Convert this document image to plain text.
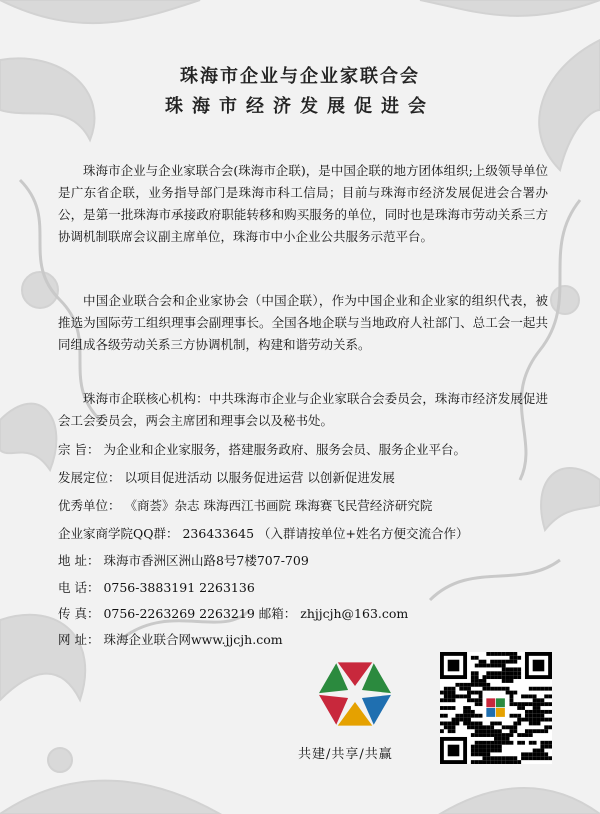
珠海市企业与企业家联合会
珠海市经济发展促进会
珠海市企业与企业家联合会(珠海市企联)，是中国企联的地方团体组织;上级领导单位是广东省企联，业务指导部门是珠海市科工信局；目前与珠海市经济发展促进会合署办公，是第一批珠海市承接政府职能转移和购买服务的单位，同时也是珠海市劳动关系三方协调机制联席会议副主席单位，珠海市中小企业公共服务示范平台。
中国企业联合会和企业家协会（中国企联），作为中国企业和企业家的组织代表，被推选为国际劳工组织理事会副理事长。全国各地企联与当地政府人社部门、总工会一起共同组成各级劳动关系三方协调机制，构建和谐劳动关系。
珠海市企联核心机构：中共珠海市企业与企业家联合会委员会，珠海市经济发展促进会工会委员会，两会主席团和理事会以及秘书处。
宗 旨： 为企业和企业家服务，搭建服务政府、服务会员、服务企业平台。
发展定位： 以项目促进活动 以服务促进运营 以创新促进发展
优秀单位： 《商荟》杂志 珠海西江书画院 珠海赛飞民营经济研究院
企业家商学院QQ群： 236433645 （入群请按单位+姓名方便交流合作）
地 址： 珠海市香洲区洲山路8号7楼707-709
电 话： 0756-3883191 2263136
传 真： 0756-2263269 2263219 邮箱： zhjjcjh@163.com
网 址： 珠海企业联合网www.jjcjh.com
共建/共享/共赢
